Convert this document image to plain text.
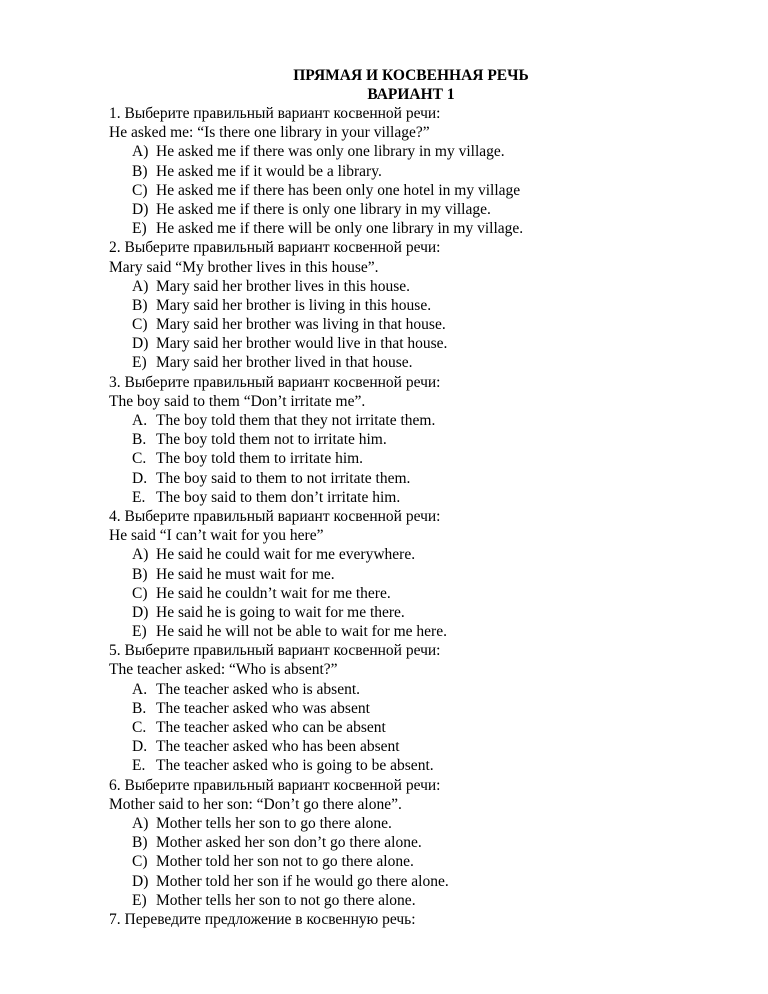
ПРЯМАЯ И КОСВЕННАЯ РЕЧЬ
ВАРИАНТ 1
1. Выберите правильный вариант косвенной речи:
He asked me: “Is there one library in your village?”
A) He asked me if there was only one library in my village.
B) He asked me if it would be a library.
C) He asked me if there has been only one hotel in my village
D) He asked me if there is only one library in my village.
E) He asked me if there will be only one library in my village.
2. Выберите правильный вариант косвенной речи:
Mary said “My brother lives in this house”.
A) Mary said her brother lives in this house.
B) Mary said her brother is living in this house.
C) Mary said her brother was living in that house.
D) Mary said her brother would live in that house.
E) Mary said her brother lived in that house.
3. Выберите правильный вариант косвенной речи:
The boy said to them “Don’t irritate me”.
A. The boy told them that they not irritate them.
B. The boy told them not to irritate him.
C. The boy told them to irritate him.
D. The boy said to them to not irritate them.
E. The boy said to them don’t irritate him.
4. Выберите правильный вариант косвенной речи:
He said “I can’t wait for you here”
A) He said he could wait for me everywhere.
B) He said he must wait for me.
C) He said he couldn’t wait for me there.
D) He said he is going to wait for me there.
E) He said he will not be able to wait for me here.
5. Выберите правильный вариант косвенной речи:
The teacher asked: “Who is absent?”
A. The teacher asked who is absent.
B. The teacher asked who was absent
C. The teacher asked who can be absent
D. The teacher asked who has been absent
E. The teacher asked who is going to be absent.
6. Выберите правильный вариант косвенной речи:
Mother said to her son: “Don’t go there alone”.
A) Mother tells her son to go there alone.
B) Mother asked her son don’t go there alone.
C) Mother told her son not to go there alone.
D) Mother told her son if he would go there alone.
E) Mother tells her son to not go there alone.
7. Переведите предложение в косвенную речь:
